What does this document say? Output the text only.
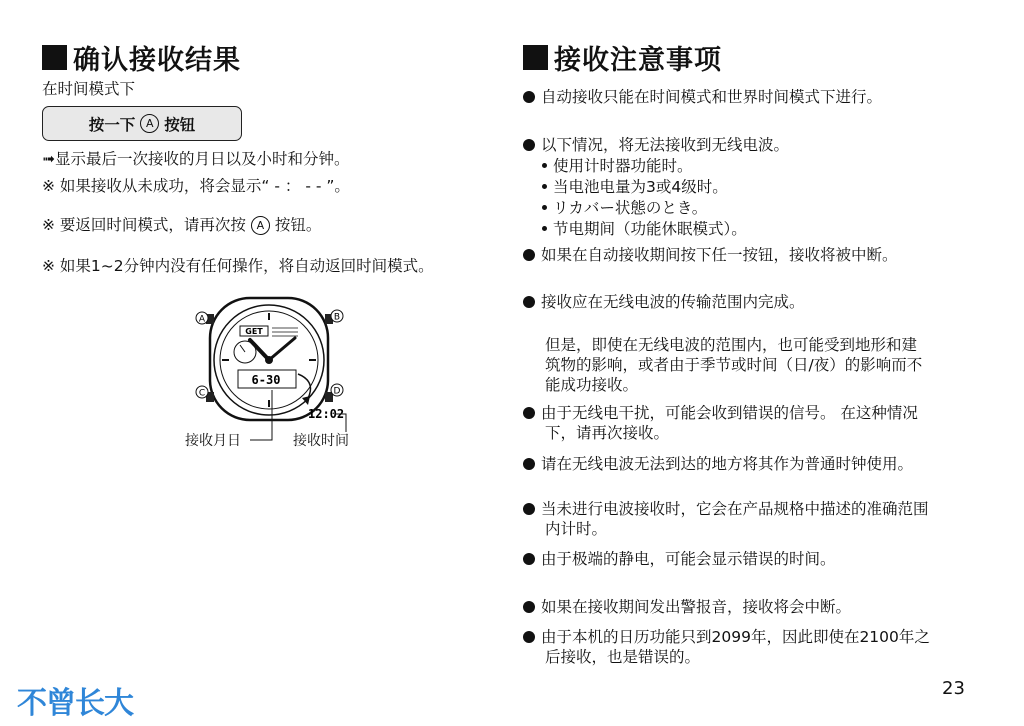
确认接收结果
在时间模式下
按一下 A 按钮
➟显示最后一次接收的月日以及小时和分钟。
※ 如果接收从未成功，将会显示“ - ： - - ”。
※ 要返回时间模式，请再次按 A 按钮。
※ 如果1~2分钟内没有任何操作，将自动返回时间模式。
A	B
C	D
GET
6-30
12:02
接收月日	接收时间
接收注意事项
自动接收只能在时间模式和世界时间模式下进行。
以下情况，将无法接收到无线电波。
使用计时器功能时。
当电池电量为3或4级时。
リカバー状態のとき。
节电期间（功能休眠模式）。
如果在自动接收期间按下任一按钮，接收将被中断。
接收应在无线电波的传输范围内完成。
但是，即使在无线电波的范围内，也可能受到地形和建
筑物的影响，或者由于季节或时间（日/夜）的影响而不
能成功接收。
由于无线电干扰，可能会收到错误的信号。 在这种情况
下，请再次接收。
请在无线电波无法到达的地方将其作为普通时钟使用。
当未进行电波接收时，它会在产品规格中描述的准确范围
内计时。
由于极端的静电，可能会显示错误的时间。
如果在接收期间发出警报音，接收将会中断。
由于本机的日历功能只到2099年，因此即使在2100年之
后接收，也是错误的。
不曾长大	23
